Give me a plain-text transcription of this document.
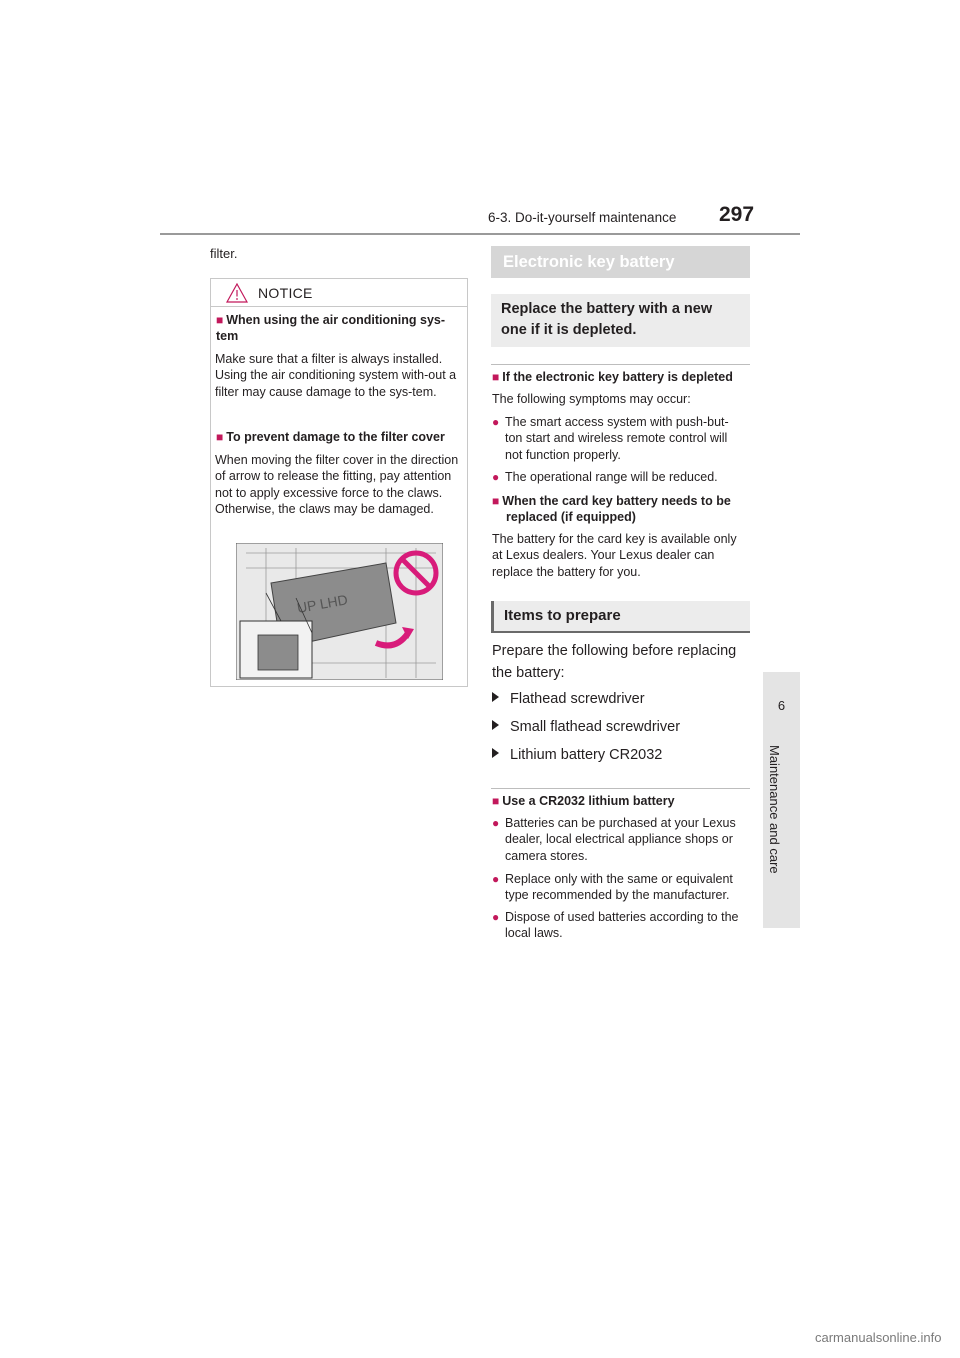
6-3. Do-it-yourself maintenance 297
6
Maintenance and care
filter.
NOTICE
■ When using the air conditioning sys-
tem
Make sure that a filter is always installed. Using the air conditioning system with-out a filter may cause damage to the sys-tem.
■ To prevent damage to the filter cover
When moving the filter cover in the direction of arrow to release the fitting, pay attention not to apply excessive force to the claws. Otherwise, the claws may be damaged.
UP LHD
Electronic key battery
Replace the battery with a new one if it is depleted.
■ If the electronic key battery is depleted
The following symptoms may occur:
● The smart access system with push-but-ton start and wireless remote control will not function properly.
● The operational range will be reduced.
■ When the card key battery needs to be replaced (if equipped)
The battery for the card key is available only at Lexus dealers. Your Lexus dealer can replace the battery for you.
Items to prepare
Prepare the following before replacing the battery:
Flathead screwdriver
Small flathead screwdriver
Lithium battery CR2032
■ Use a CR2032 lithium battery
● Batteries can be purchased at your Lexus dealer, local electrical appliance shops or camera stores.
● Replace only with the same or equivalent type recommended by the manufacturer.
● Dispose of used batteries according to the local laws.
carmanualsonline.info
